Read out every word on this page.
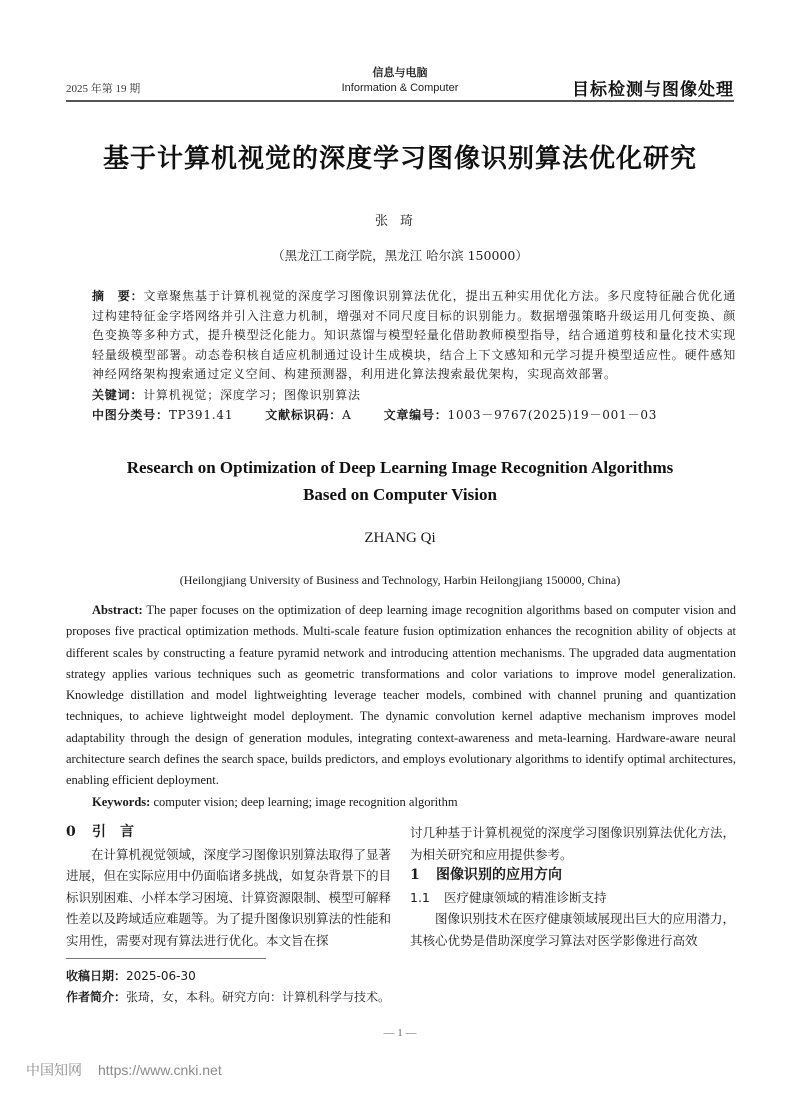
2025 年第 19 期
信息与电脑
Information & Computer	目标检测与图像处理
基于计算机视觉的深度学习图像识别算法优化研究
张琦
（黑龙江工商学院，黑龙江 哈尔滨 150000）
摘　要：文章聚焦基于计算机视觉的深度学习图像识别算法优化，提出五种实用优化方法。多尺度特征融合优化通过构建特征金字塔网络并引入注意力机制，增强对不同尺度目标的识别能力。数据增强策略升级运用几何变换、颜色变换等多种方式，提升模型泛化能力。知识蒸馏与模型轻量化借助教师模型指导，结合通道剪枝和量化技术实现轻量级模型部署。动态卷积核自适应机制通过设计生成模块，结合上下文感知和元学习提升模型适应性。硬件感知神经网络架构搜索通过定义空间、构建预测器，利用进化算法搜索最优架构，实现高效部署。
关键词：计算机视觉；深度学习；图像识别算法
中图分类号：TP391.41	文献标识码：A	文章编号：1003－9767(2025)19－001－03
Research on Optimization of Deep Learning Image Recognition Algorithms
Based on Computer Vision
ZHANG Qi
(Heilongjiang University of Business and Technology, Harbin Heilongjiang 150000, China)
Abstract: The paper focuses on the optimization of deep learning image recognition algorithms based on computer vision and proposes five practical optimization methods. Multi-scale feature fusion optimization enhances the recognition ability of objects at different scales by constructing a feature pyramid network and introducing attention mechanisms. The upgraded data augmentation strategy applies various techniques such as geometric transformations and color variations to improve model generalization. Knowledge distillation and model lightweighting leverage teacher models, combined with channel pruning and quantization techniques, to achieve lightweight model deployment. The dynamic convolution kernel adaptive mechanism improves model adaptability through the design of generation modules, integrating context-awareness and meta-learning. Hardware-aware neural architecture search defines the search space, builds predictors, and employs evolutionary algorithms to identify optimal architectures, enabling efficient deployment.
Keywords: computer vision; deep learning; image recognition algorithm
0 引　言
在计算机视觉领域，深度学习图像识别算法取得了显著进展，但在实际应用中仍面临诸多挑战，如复杂背景下的目标识别困难、小样本学习困境、计算资源限制、模型可解释性差以及跨域适应难题等。为了提升图像识别算法的性能和实用性，需要对现有算法进行优化。本文旨在探
讨几种基于计算机视觉的深度学习图像识别算法优化方法，为相关研究和应用提供参考。
1 图像识别的应用方向
1.1 医疗健康领域的精准诊断支持
图像识别技术在医疗健康领域展现出巨大的应用潜力，其核心优势是借助深度学习算法对医学影像进行高效
收稿日期：2025-06-30
作者简介：张琦，女，本科。研究方向：计算机科学与技术。
— 1 —
中国知网 https://www.cnki.net
